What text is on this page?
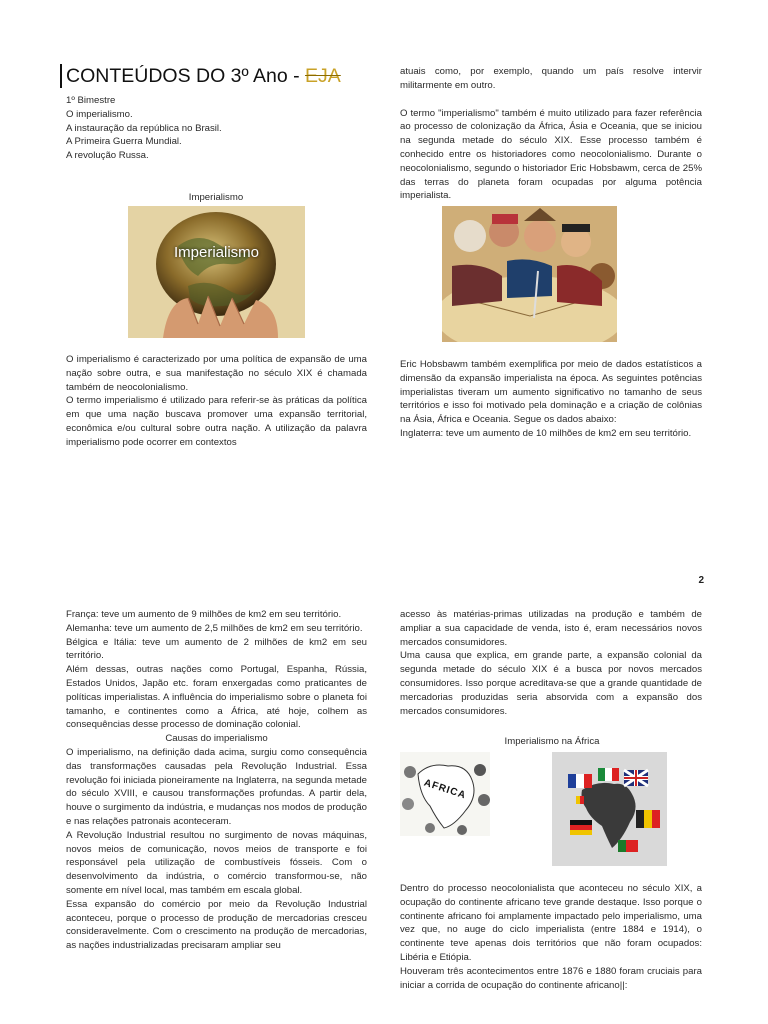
CONTEÚDOS DO 3º Ano - EJA

1º Bimestre

O imperialismo.

A instauração da república no Brasil.

A Primeira Guerra Mundial.

A revolução Russa.

Imperialismo
Imperialismo

O imperialismo é caracterizado por uma política de expansão de uma nação sobre outra, e sua manifestação no século XIX é chamada também de neocolonialismo.

O termo imperialismo é utilizado para referir-se às práticas da política em que uma nação buscava promover uma expansão territorial, econômica e/ou cultural sobre outra nação. A utilização da palavra imperialismo pode ocorrer em contextos

atuais como, por exemplo, quando um país resolve intervir militarmente em outro.

O termo "imperialismo" também é muito utilizado para fazer referência ao processo de colonização da África, Ásia e Oceania, que se iniciou na segunda metade do século XIX. Esse processo também é conhecido entre os historiadores como neocolonialismo. Durante o neocolonialismo, segundo o historiador Eric Hobsbawm, cerca de 25% das terras do planeta foram ocupadas por alguma potência imperialista.

Eric Hobsbawm também exemplifica por meio de dados estatísticos a dimensão da expansão imperialista na época. As seguintes potências imperialistas tiveram um aumento significativo no tamanho de seus territórios e isso foi motivado pela dominação e a criação de colônias na Ásia, África e Oceania. Segue os dados abaixo:

Inglaterra: teve um aumento de 10 milhões de km2 em seu território.

2

França: teve um aumento de 9 milhões de km2 em seu território.

Alemanha: teve um aumento de 2,5 milhões de km2 em seu território.

Bélgica e Itália: teve um aumento de 2 milhões de km2 em seu território.

Além dessas, outras nações como Portugal, Espanha, Rússia, Estados Unidos, Japão etc. foram enxergadas como praticantes de políticas imperialistas. A influência do imperialismo sobre o planeta foi tamanho, e continentes como a África, até hoje, colhem as consequências desse processo de dominação colonial.

Causas do imperialismo

O imperialismo, na definição dada acima, surgiu como consequência das transformações causadas pela Revolução Industrial. Essa revolução foi iniciada pioneiramente na Inglaterra, na segunda metade do século XVIII, e causou transformações profundas. A partir dela, houve o surgimento da indústria, e mudanças nos modos de produção e nas relações patronais aconteceram.

A Revolução Industrial resultou no surgimento de novas máquinas, novos meios de comunicação, novos meios de transporte e foi responsável pela utilização de combustíveis fósseis. Com o desenvolvimento da indústria, o comércio transformou-se, não somente em nível local, mas também em escala global.

Essa expansão do comércio por meio da Revolução Industrial aconteceu, porque o processo de produção de mercadorias cresceu consideravelmente. Com o crescimento na produção de mercadorias, as nações industrializadas precisaram ampliar seu

acesso às matérias-primas utilizadas na produção e também de ampliar a sua capacidade de venda, isto é, eram necessários novos mercados consumidores.

Uma causa que explica, em grande parte, a expansão colonial da segunda metade do século XIX é a busca por novos mercados consumidores. Isso porque acreditava-se que a grande quantidade de mercadorias produzidas seria absorvida com a expansão dos mercados consumidores.

Imperialismo na África
AFRICA

Dentro do processo neocolonialista que aconteceu no século XIX, a ocupação do continente africano teve grande destaque. Isso porque o continente africano foi amplamente impactado pelo imperialismo, uma vez que, no auge do ciclo imperialista (entre 1884 e 1914), o continente teve apenas dois territórios que não foram ocupados: Libéria e Etiópia.

Houveram três acontecimentos entre 1876 e 1880 foram cruciais para iniciar a corrida de ocupação do continente africano||:
